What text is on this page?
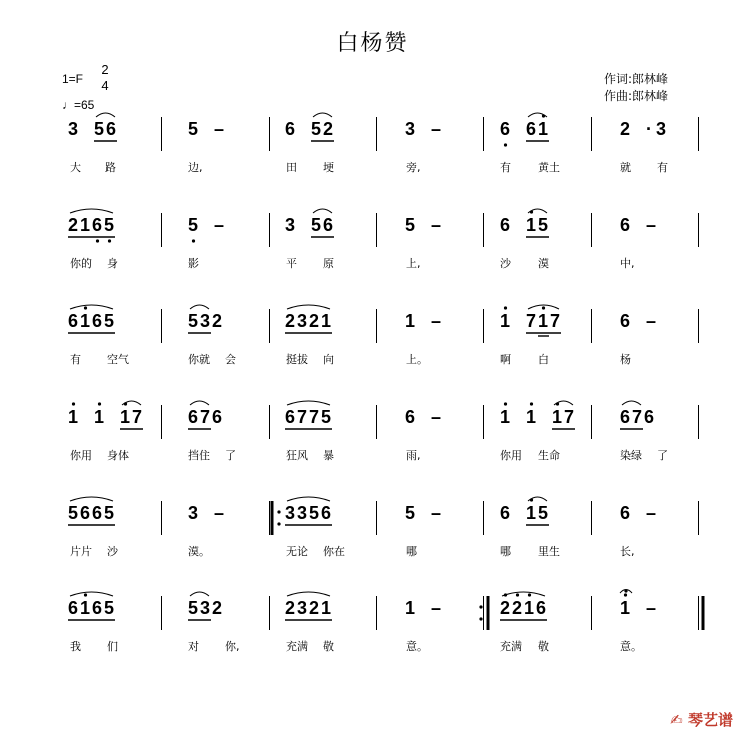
白杨赞
1=F
2
4
♩=65
作词:郎林峰
作曲:郎林峰
3 5 6	5 –	6 5 2	3 –	6 6 1	2 · 3
大 路	边,	田 埂	旁,	有 黄土	就 有
2 1 6 5	5 –	3 5 6	5 –	6 1 5	6 –
你的 身	影	平 原	上,	沙 漠	中,
6 1 6 5	5 3 2	2 3 2 1	1 –	1 7 1 7	6 –
有 空气	你就 会	挺拔 向	上。	啊 白	杨
1 1 1 7	6 7 6	6 7 7 5	6 –	1 1 1 7	6 7 6
你用 身体	挡住 了	狂风 暴	雨,	你用 生命	染绿 了
5 6 6 5	3 –	3 3 5 6	5 –	6 1 5	6 –
片片 沙	漠。	无论 你在	哪	哪 里生	长,
6 1 6 5	5 3 2	2 3 2 1	1 –	2 2 1 6	1 –
我 们	对 你,	充满 敬	意。	充满 敬	意。
✍ 琴艺谱
